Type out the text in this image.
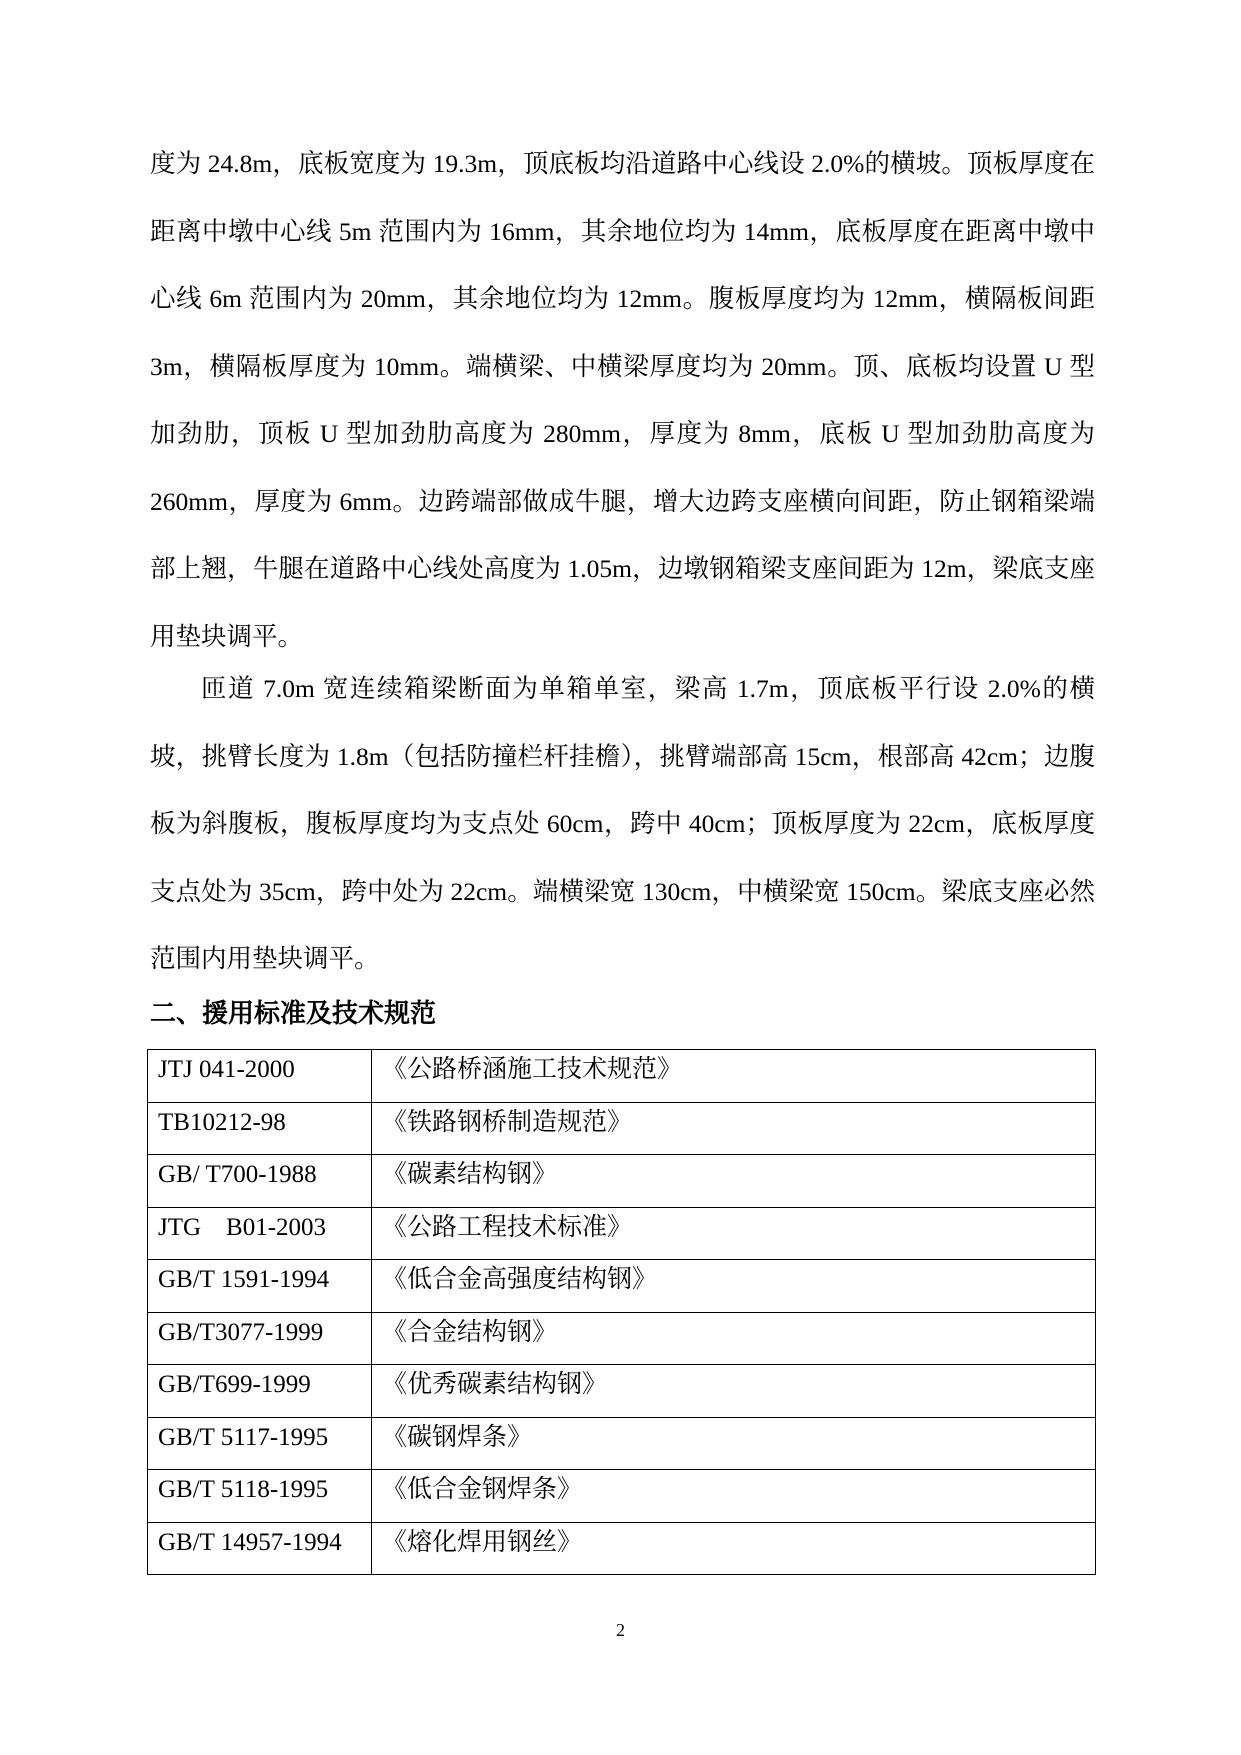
度为 24.8m，底板宽度为 19.3m，顶底板均沿道路中心线设 2.0%的横坡。顶板厚度在距离中墩中心线 5m 范围内为 16mm，其余地位均为 14mm，底板厚度在距离中墩中心线 6m 范围内为 20mm，其余地位均为 12mm。腹板厚度均为 12mm，横隔板间距 3m，横隔板厚度为 10mm。端横梁、中横梁厚度均为 20mm。顶、底板均设置 U 型加劲肋，顶板 U 型加劲肋高度为 280mm，厚度为 8mm，底板 U 型加劲肋高度为 260mm，厚度为 6mm。边跨端部做成牛腿，增大边跨支座横向间距，防止钢箱梁端部上翘，牛腿在道路中心线处高度为 1.05m，边墩钢箱梁支座间距为 12m，梁底支座用垫块调平。

匝道 7.0m 宽连续箱梁断面为单箱单室，梁高 1.7m，顶底板平行设 2.0%的横坡，挑臂长度为 1.8m（包括防撞栏杆挂檐），挑臂端部高 15cm，根部高 42cm；边腹板为斜腹板，腹板厚度均为支点处 60cm，跨中 40cm；顶板厚度为 22cm，底板厚度支点处为 35cm，跨中处为 22cm。端横梁宽 130cm，中横梁宽 150cm。梁底支座必然范围内用垫块调平。

二、援用标准及技术规范
JTJ 041-2000	《公路桥涵施工技术规范》
TB10212-98	《铁路钢桥制造规范》
GB/ T700-1988	《碳素结构钢》
JTG    B01-2003	《公路工程技术标准》
GB/T 1591-1994	《低合金高强度结构钢》
GB/T3077-1999	《合金结构钢》
GB/T699-1999	《优秀碳素结构钢》
GB/T 5117-1995	《碳钢焊条》
GB/T 5118-1995	《低合金钢焊条》
GB/T 14957-1994	《熔化焊用钢丝》
2
